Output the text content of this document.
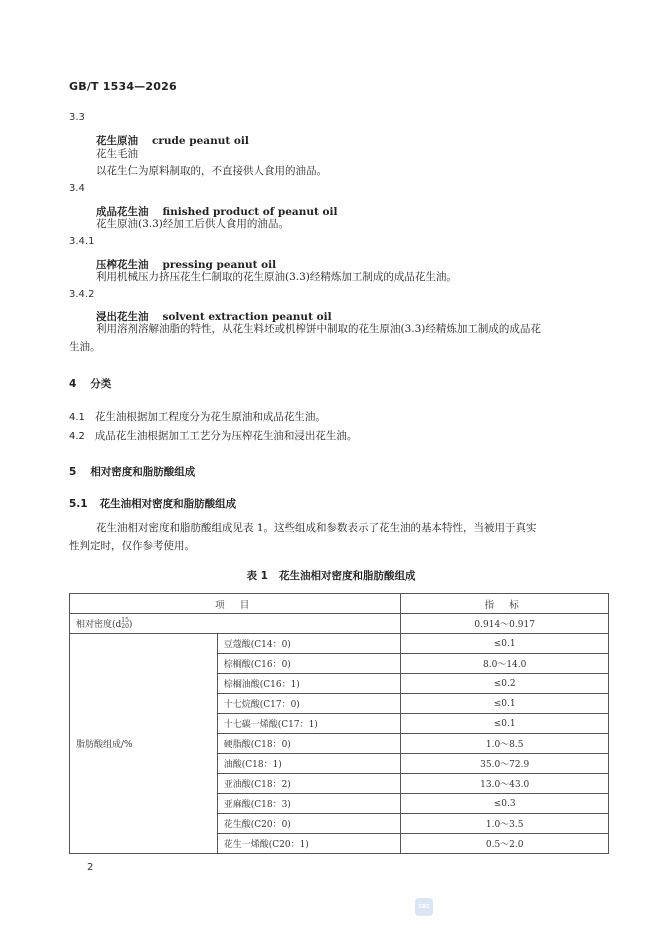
GB/T 1534—2026
3.3
花生原油 crude peanut oil
花生毛油
以花生仁为原料制取的，不直接供人食用的油品。
3.4
成品花生油 finished product of peanut oil
花生原油(3.3)经加工后供人食用的油品。
3.4.1
压榨花生油 pressing peanut oil
利用机械压力挤压花生仁制取的花生原油(3.3)经精炼加工制成的成品花生油。
3.4.2
浸出花生油 solvent extraction peanut oil
利用溶剂溶解油脂的特性，从花生料坯或机榨饼中制取的花生原油(3.3)经精炼加工制成的成品花
生油。
4 分类
4.1 花生油根据加工程度分为花生原油和成品花生油。
4.2 成品花生油根据加工工艺分为压榨花生油和浸出花生油。
5 相对密度和脂肪酸组成
5.1 花生油相对密度和脂肪酸组成
花生油相对密度和脂肪酸组成见表 1。这些组成和参数表示了花生油的基本特性，当被用于真实
性判定时，仅作参考使用。
表 1   花生油相对密度和脂肪酸组成
项 目		指 标
相对密度(d 15
20 )		0.914～0.917
脂肪酸组成/%	豆蔻酸(C14：0)	≤0.1
	棕榈酸(C16：0)	8.0～14.0
	棕榈油酸(C16：1)	≤0.2
	十七烷酸(C17：0)	≤0.1
	十七碳一烯酸(C17：1)	≤0.1
	硬脂酸(C18：0)	1.0～8.5
	油酸(C18：1)	35.0～72.9
	亚油酸(C18：2)	13.0～43.0
	亚麻酸(C18：3)	≤0.3
	花生酸(C20：0)	1.0～3.5
	花生一烯酸(C20：1)	0.5～2.0
2
GBC
